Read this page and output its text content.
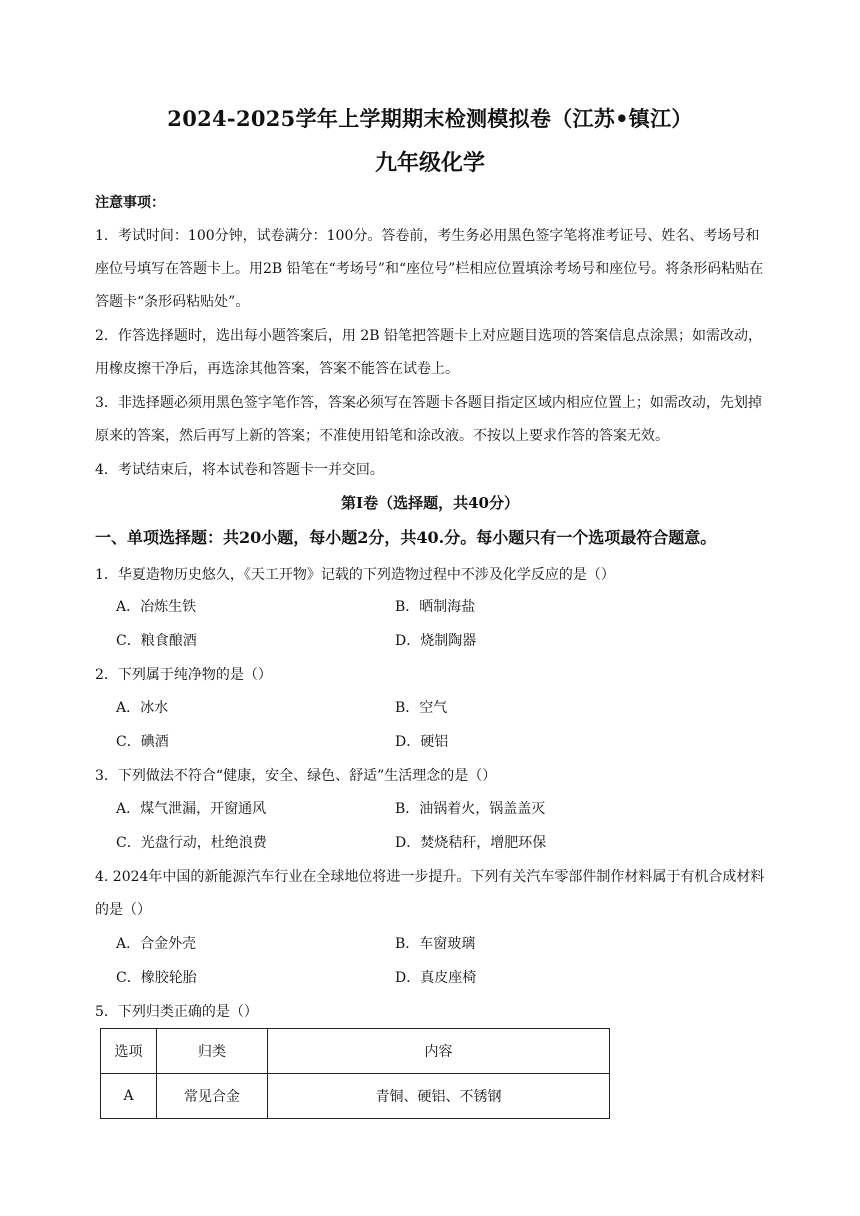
2024-2025学年上学期期末检测模拟卷（江苏•镇江）
九年级化学
注意事项：
1．考试时间：100分钟，试卷满分：100分。答卷前，考生务必用黑色签字笔将准考证号、姓名、考场号和座位号填写在答题卡上。用2B 铅笔在“考场号”和“座位号”栏相应位置填涂考场号和座位号。将条形码粘贴在答题卡“条形码粘贴处”。
2．作答选择题时，选出每小题答案后，用 2B 铅笔把答题卡上对应题目选项的答案信息点涂黑；如需改动，用橡皮擦干净后，再选涂其他答案，答案不能答在试卷上。
3．非选择题必须用黑色签字笔作答，答案必须写在答题卡各题目指定区域内相应位置上；如需改动，先划掉原来的答案，然后再写上新的答案；不准使用铅笔和涂改液。不按以上要求作答的答案无效。
4．考试结束后，将本试卷和答题卡一并交回。
第Ⅰ卷（选择题，共40分）
一、单项选择题：共20小题，每小题2分，共40.分。每小题只有一个选项最符合题意。
1．华夏造物历史悠久，《天工开物》记载的下列造物过程中不涉及化学反应的是（）
A．冶炼生铁	B．晒制海盐
C．粮食酿酒	D．烧制陶器
2．下列属于纯净物的是（）
A．冰水	B．空气
C．碘酒	D．硬铝
3．下列做法不符合“健康，安全、绿色、舒适”生活理念的是（）
A．煤气泄漏，开窗通风	B．油锅着火，锅盖盖灭
C．光盘行动，杜绝浪费	D．焚烧秸秆，增肥环保
4. 2024年中国的新能源汽车行业在全球地位将进一步提升。下列有关汽车零部件制作材料属于有机合成材料的是（）
A．合金外壳	B．车窗玻璃
C．橡胶轮胎	D．真皮座椅
5．下列归类正确的是（）
选项	归类	内容
A	常见合金	青铜、硬铝、不锈钢
